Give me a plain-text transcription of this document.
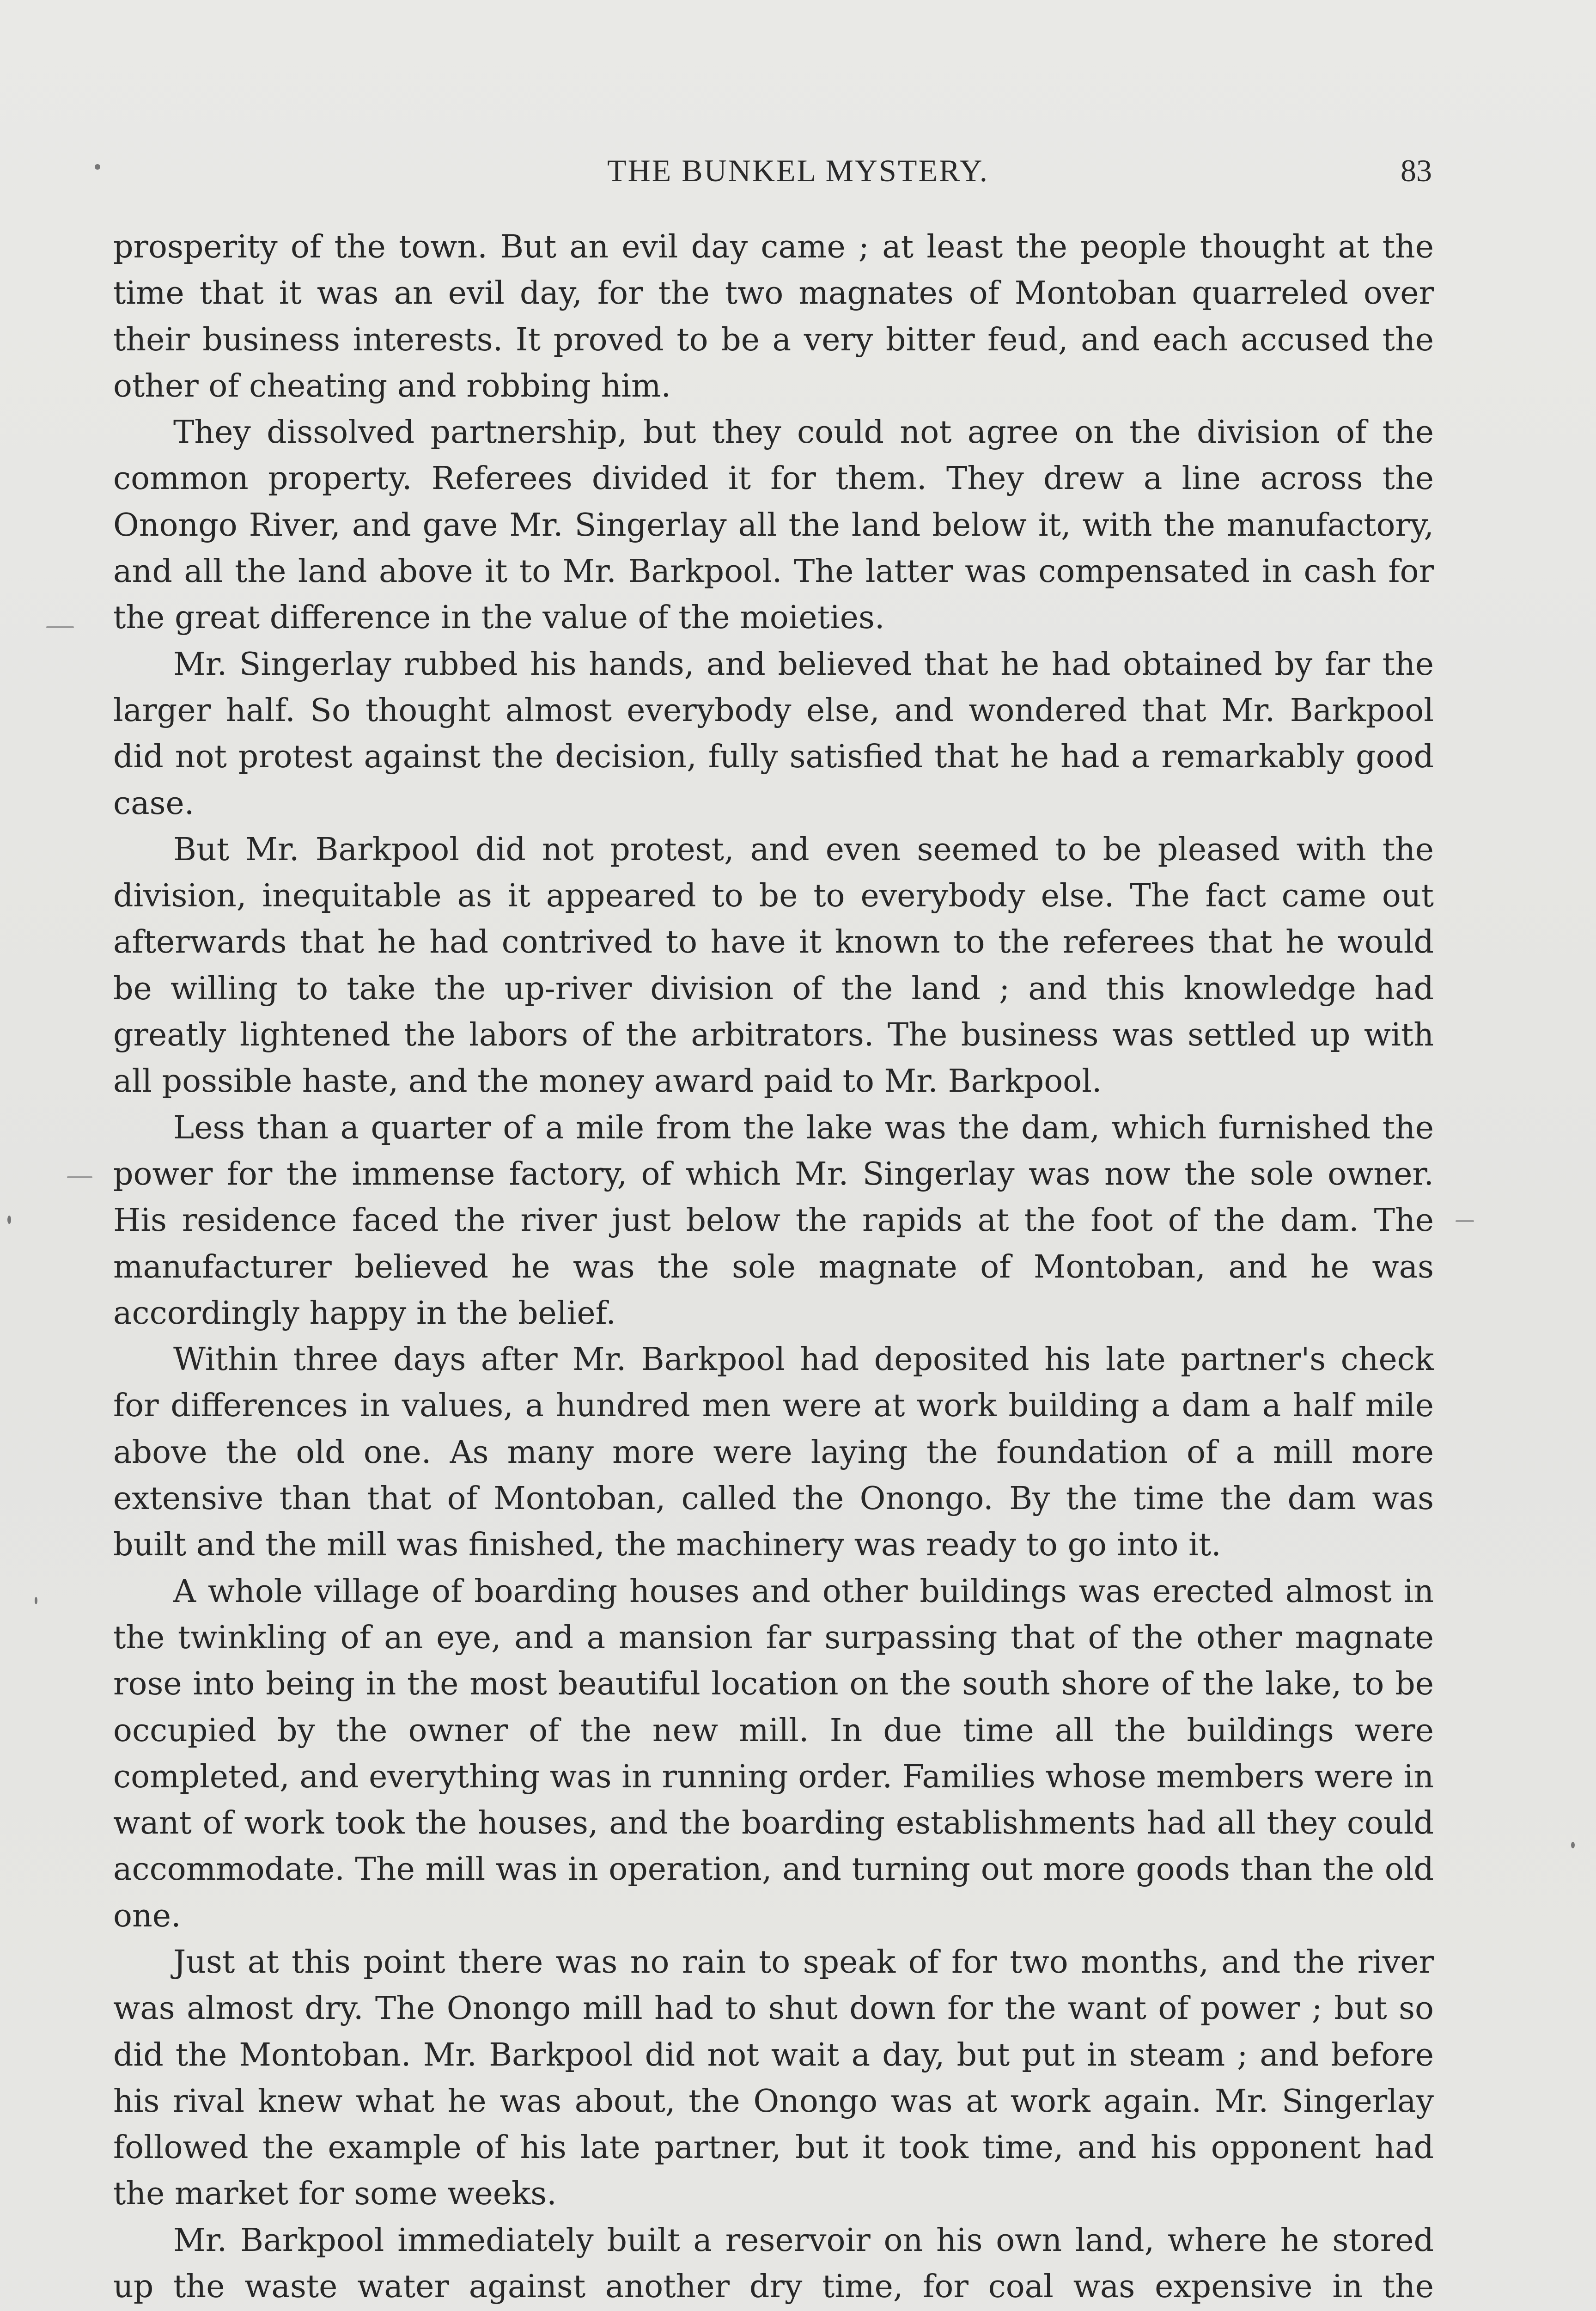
THE BUNKEL MYSTERY.	83

prosperity of the town. But an evil day came ; at least the people thought at the time that it was an evil day, for the two magnates of Montoban quarreled over their business interests. It proved to be a very bitter feud, and each accused the other of cheating and robbing him.

They dissolved partnership, but they could not agree on the division of the common property. Referees divided it for them. They drew a line across the Onongo River, and gave Mr. Singerlay all the land below it, with the manufactory, and all the land above it to Mr. Barkpool. The latter was compensated in cash for the great difference in the value of the moieties.

Mr. Singerlay rubbed his hands, and believed that he had obtained by far the larger half. So thought almost everybody else, and wondered that Mr. Barkpool did not protest against the decision, fully satisfied that he had a remarkably good case.

But Mr. Barkpool did not protest, and even seemed to be pleased with the division, inequitable as it appeared to be to everybody else. The fact came out afterwards that he had contrived to have it known to the referees that he would be willing to take the up-river division of the land ; and this knowledge had greatly lightened the labors of the arbitrators. The business was settled up with all possible haste, and the money award paid to Mr. Barkpool.

Less than a quarter of a mile from the lake was the dam, which furnished the power for the immense factory, of which Mr. Singerlay was now the sole owner. His residence faced the river just below the rapids at the foot of the dam. The manufacturer believed he was the sole magnate of Montoban, and he was accordingly happy in the belief.

Within three days after Mr. Barkpool had deposited his late partner's check for differences in values, a hundred men were at work building a dam a half mile above the old one. As many more were laying the foundation of a mill more extensive than that of Montoban, called the Onongo. By the time the dam was built and the mill was finished, the machinery was ready to go into it.

A whole village of boarding houses and other buildings was erected almost in the twinkling of an eye, and a mansion far surpassing that of the other magnate rose into being in the most beautiful location on the south shore of the lake, to be occupied by the owner of the new mill. In due time all the buildings were completed, and everything was in running order. Families whose members were in want of work took the houses, and the boarding establishments had all they could accommodate. The mill was in operation, and turning out more goods than the old one.

Just at this point there was no rain to speak of for two months, and the river was almost dry. The Onongo mill had to shut down for the want of power ; but so did the Montoban. Mr. Barkpool did not wait a day, but put in steam ; and before his rival knew what he was about, the Onongo was at work again. Mr. Singerlay followed the example of his late partner, but it took time, and his opponent had the market for some weeks.

Mr. Barkpool immediately built a reservoir on his own land, where he stored up the waste water against another dry time, for coal was expensive in the
